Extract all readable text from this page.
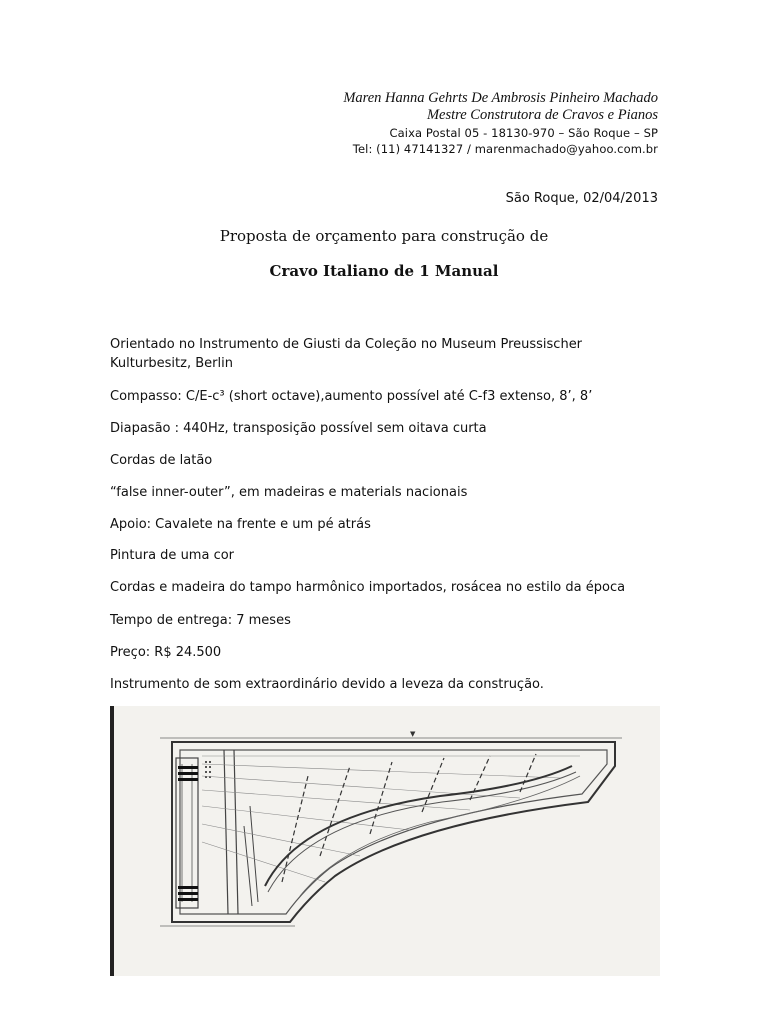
Maren Hanna Gehrts De Ambrosis Pinheiro Machado
Mestre Construtora de Cravos e Pianos
Caixa Postal 05 - 18130-970 – São Roque – SP
Tel: (11) 47141327 / marenmachado@yahoo.com.br
São Roque, 02/04/2013
Proposta de orçamento para construção de
Cravo Italiano de 1 Manual
Orientado no Instrumento de Giusti da Coleção no Museum Preussischer
Kulturbesitz, Berlin
Compasso: C/E-c³ (short octave),aumento possível até C-f3 extenso, 8’, 8’
Diapasão : 440Hz, transposição possível sem oitava curta
Cordas de latão
“false inner-outer”, em madeiras e materials nacionais
Apoio: Cavalete na frente e um pé atrás
Pintura de uma cor
Cordas e madeira do tampo harmônico importados, rosácea no estilo da época
Tempo de entrega: 7 meses
Preço: R$ 24.500
Instrumento de som extraordinário devido a leveza da construção.
▼
